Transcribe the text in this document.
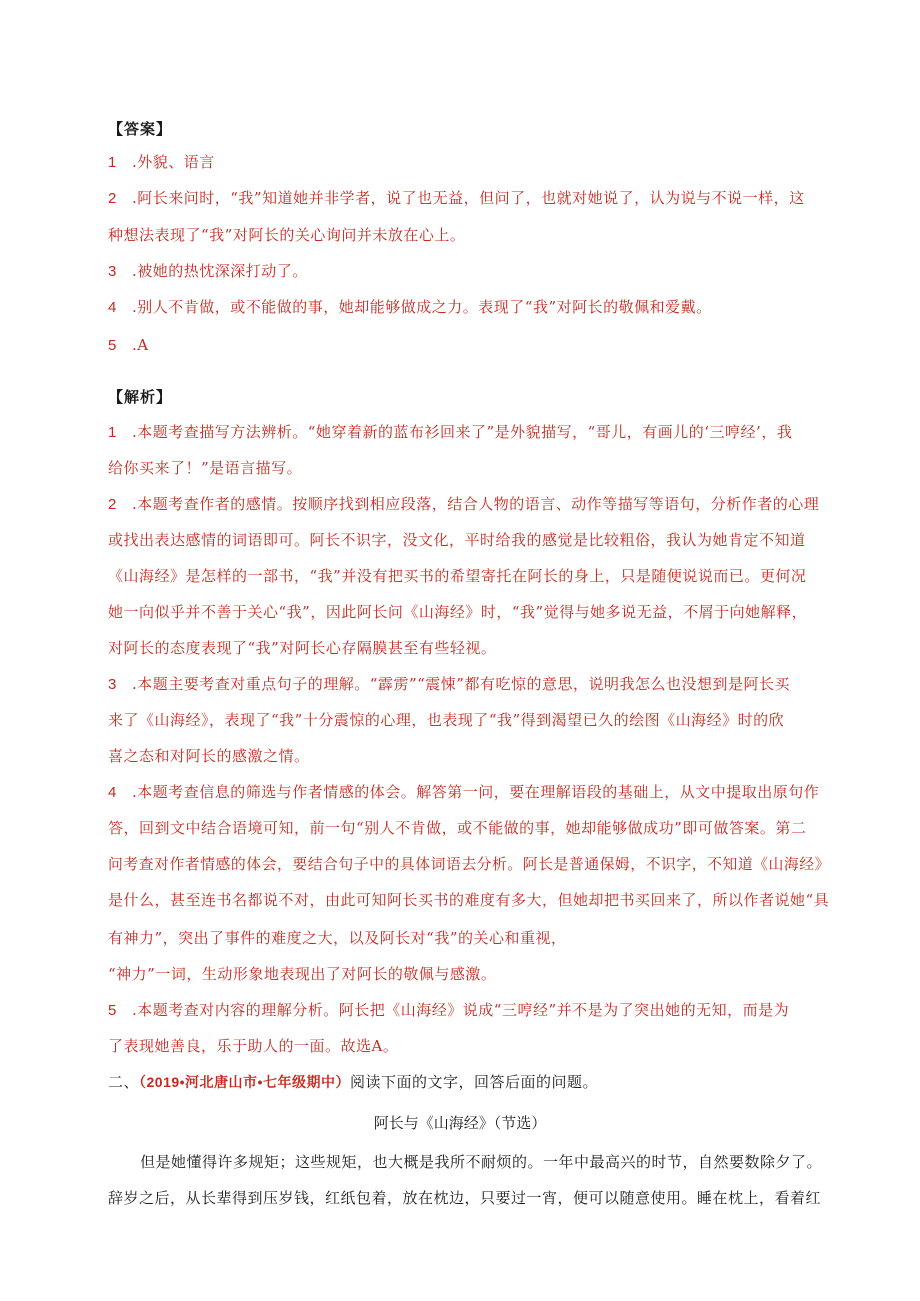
【答案】
1 .外貌、语言
2 .阿长来问时，“我”知道她并非学者，说了也无益，但问了，也就对她说了，认为说与不说一样，这
种想法表现了“我”对阿长的关心询问并未放在心上。
3 .被她的热忱深深打动了。
4 .别人不肯做，或不能做的事，她却能够做成之力。表现了“我”对阿长的敬佩和爱戴。
5 .A
【解析】
1 .本题考查描写方法辨析。“她穿着新的蓝布衫回来了”是外貌描写，“哥儿，有画儿的‘三哼经’，我
给你买来了！”是语言描写。
2 .本题考查作者的感情。按顺序找到相应段落，结合人物的语言、动作等描写等语句，分析作者的心理
或找出表达感情的词语即可。阿长不识字，没文化，平时给我的感觉是比较粗俗，我认为她肯定不知道
《山海经》是怎样的一部书，“我”并没有把买书的希望寄托在阿长的身上，只是随便说说而已。更何况
她一向似乎并不善于关心“我”，因此阿长问《山海经》时，“我”觉得与她多说无益，不屑于向她解释，
对阿长的态度表现了“我”对阿长心存隔膜甚至有些轻视。
3 .本题主要考查对重点句子的理解。“霹雳”“震悚”都有吃惊的意思，说明我怎么也没想到是阿长买
来了《山海经》，表现了“我”十分震惊的心理，也表现了“我”得到渴望已久的绘图《山海经》时的欣
喜之态和对阿长的感激之情。
4 .本题考查信息的筛选与作者情感的体会。解答第一问，要在理解语段的基础上，从文中提取出原句作
答，回到文中结合语境可知，前一句“别人不肯做，或不能做的事，她却能够做成功”即可做答案。第二
问考查对作者情感的体会，要结合句子中的具体词语去分析。阿长是普通保姆，不识字，不知道《山海经》
是什么，甚至连书名都说不对，由此可知阿长买书的难度有多大，但她却把书买回来了，所以作者说她“具
有神力”，突出了事件的难度之大，以及阿长对“我”的关心和重视，
“神力”一词，生动形象地表现出了对阿长的敬佩与感激。
5 .本题考查对内容的理解分析。阿长把《山海经》说成“三哼经”并不是为了突出她的无知，而是为
了表现她善良，乐于助人的一面。故选A。
二、（2019•河北唐山市•七年级期中）阅读下面的文字，回答后面的问题。
阿长与《山海经》（节选）
但是她懂得许多规矩；这些规矩，也大概是我所不耐烦的。一年中最高兴的时节，自然要数除夕了。
辞岁之后，从长辈得到压岁钱，红纸包着，放在枕边，只要过一宵，便可以随意使用。睡在枕上，看着红
